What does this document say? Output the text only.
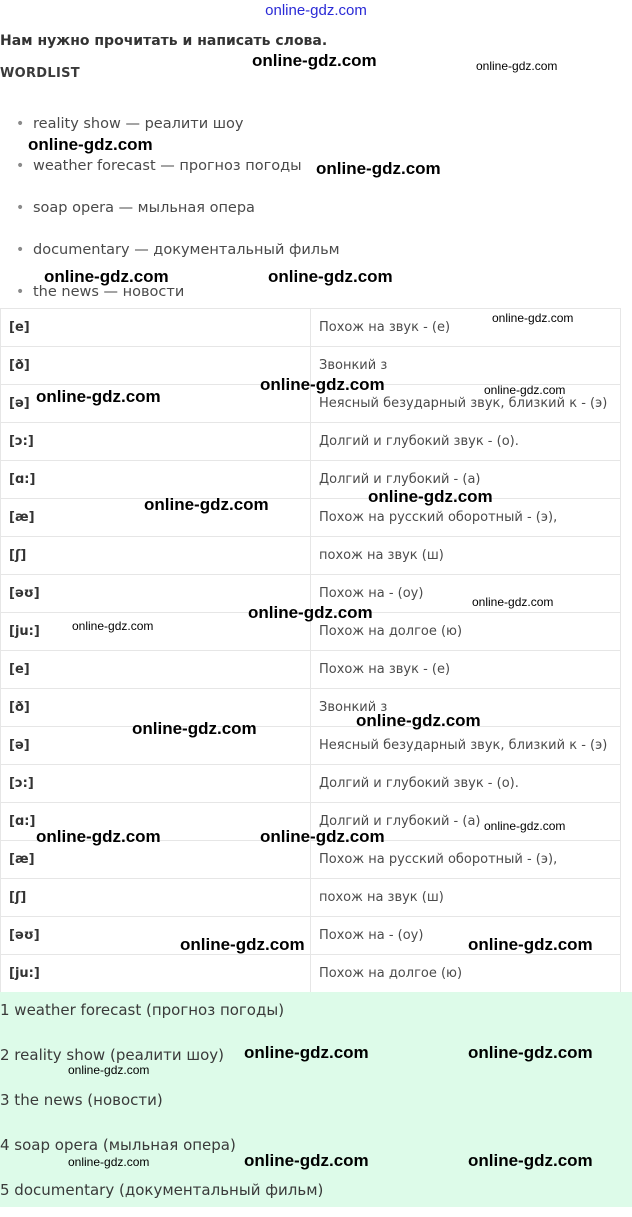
online-gdz.com
Нам нужно прочитать и написать слова.
WORDLIST
• reality show — реалити шоу
• weather forecast — прогноз погоды
• soap opera — мыльная опера
• documentary — документальный фильм
• the news — новости
[e]	Похож на звук - (е)
[ð]	Звонкий з
[ə]	Неясный безударный звук, близкий к - (э)
[ɔ:]	Долгий и глубокий звук - (о).
[ɑ:]	Долгий и глубокий - (а)
[æ]	Похож на русский оборотный - (э),
[ʃ]	похож на звук (ш)
[əʊ]	Похож на - (оу)
[ju:]	Похож на долгое (ю)
[e]	Похож на звук - (е)
[ð]	Звонкий з
[ə]	Неясный безударный звук, близкий к - (э)
[ɔ:]	Долгий и глубокий звук - (о).
[ɑ:]	Долгий и глубокий - (а)
[æ]	Похож на русский оборотный - (э),
[ʃ]	похож на звук (ш)
[əʊ]	Похож на - (оу)
[ju:]	Похож на долгое (ю)
1 weather forecast (прогноз погоды)
2 reality show (реалити шоу)
3 the news (новости)
4 soap opera (мыльная опера)
5 documentary (документальный фильм)
online-gdz.com	online-gdz.com
online-gdz.com
online-gdz.com
online-gdz.com	online-gdz.com
online-gdz.com
online-gdz.com	online-gdz.com
online-gdz.com
online-gdz.com
online-gdz.com
online-gdz.com
online-gdz.com
online-gdz.com
online-gdz.com
online-gdz.com
online-gdz.com
online-gdz.com	online-gdz.com
online-gdz.com	online-gdz.com
online-gdz.com	online-gdz.com
online-gdz.com
online-gdz.com	online-gdz.com
online-gdz.com
